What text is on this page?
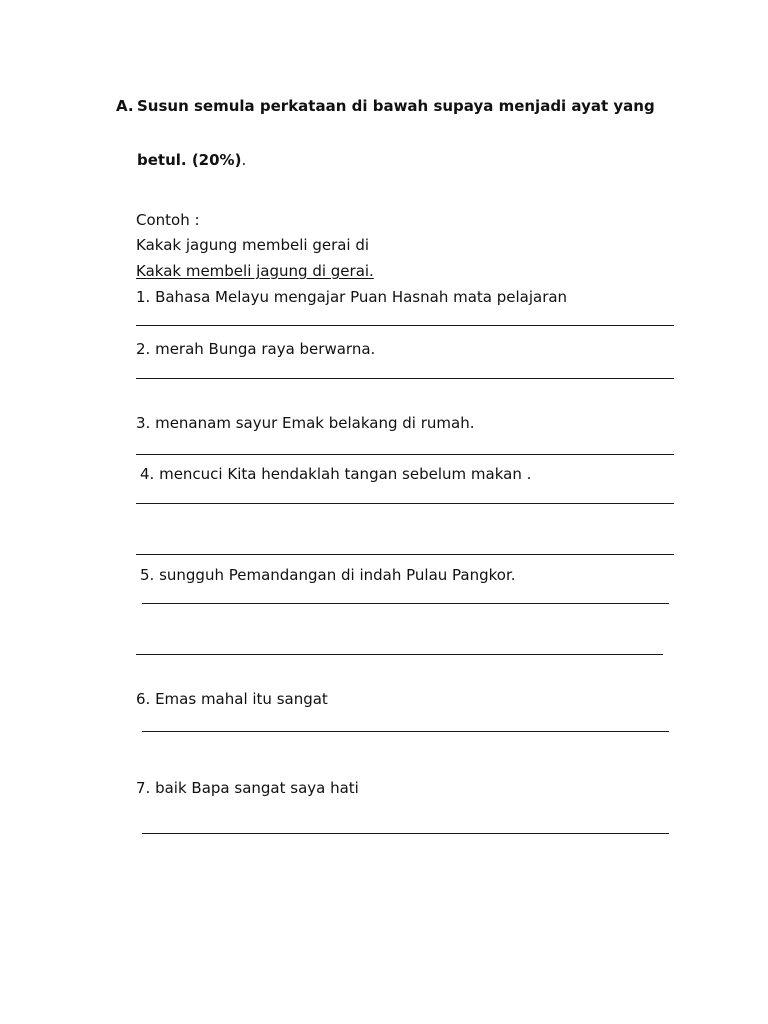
A. Susun semula perkataan di bawah supaya menjadi ayat yang
betul. (20%).
Contoh :
Kakak jagung membeli gerai di
Kakak membeli jagung di gerai.
1. Bahasa Melayu mengajar Puan Hasnah mata pelajaran
2. merah Bunga raya berwarna.
3. menanam sayur Emak belakang di rumah.
4. mencuci Kita hendaklah tangan sebelum makan .
5. sungguh Pemandangan di indah Pulau Pangkor.
6. Emas mahal itu sangat
7. baik Bapa sangat saya hati
